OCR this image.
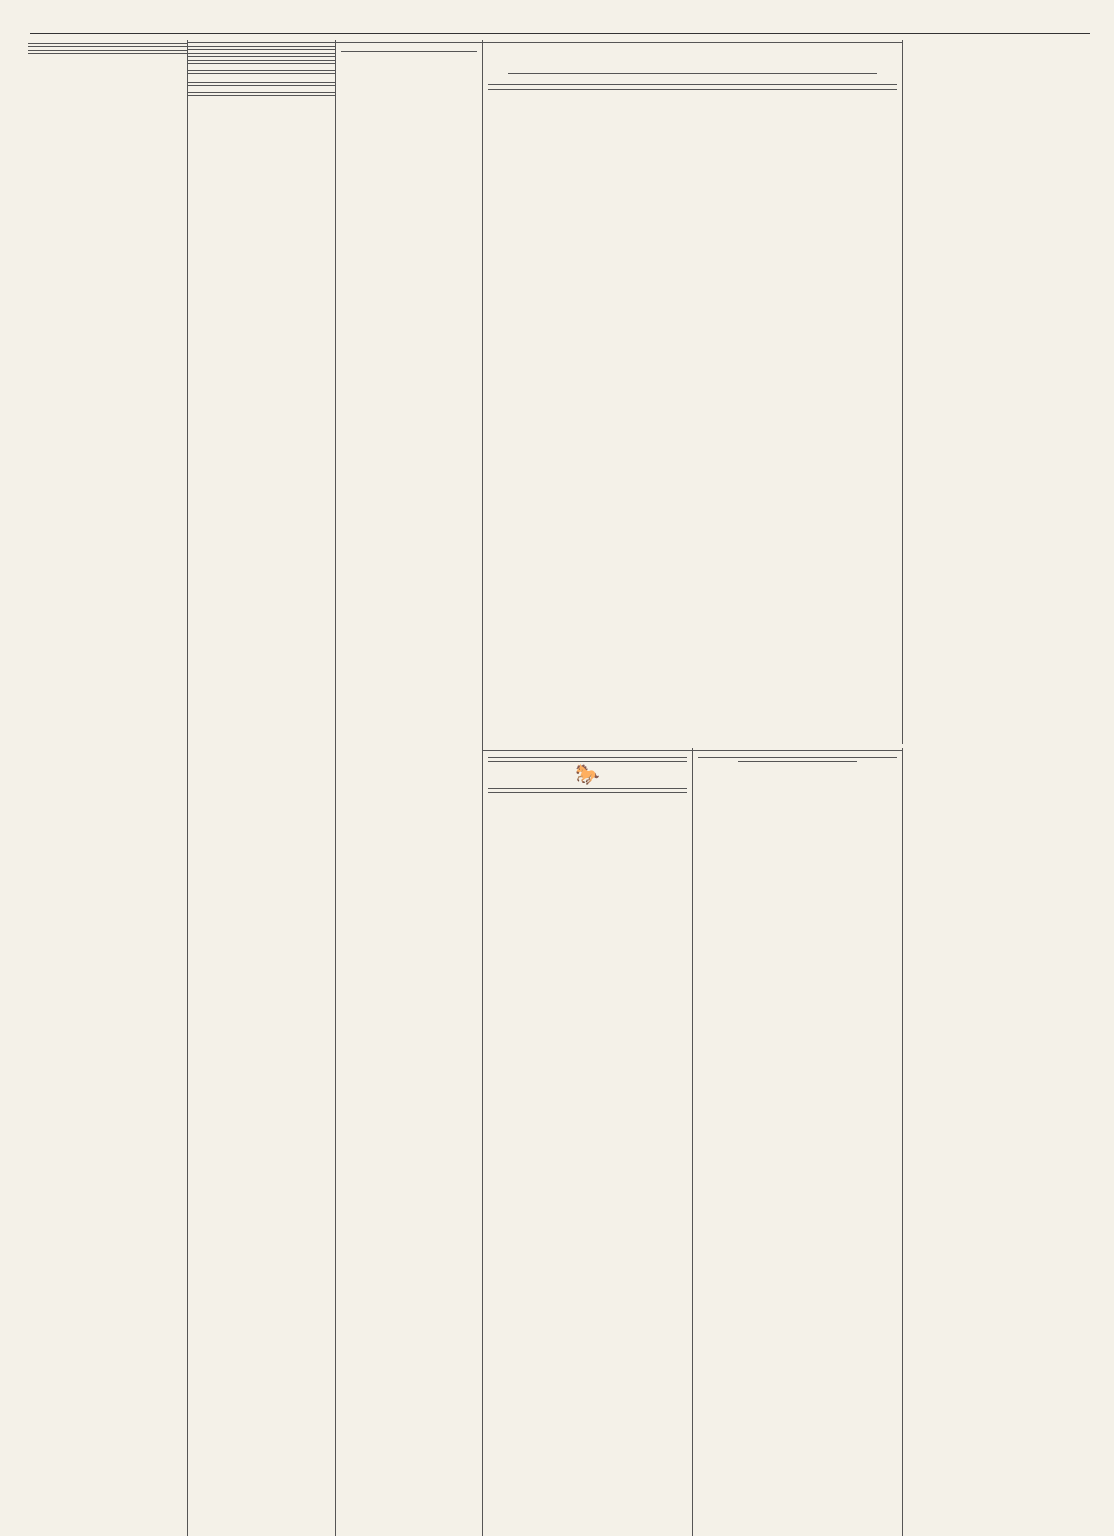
🐎
